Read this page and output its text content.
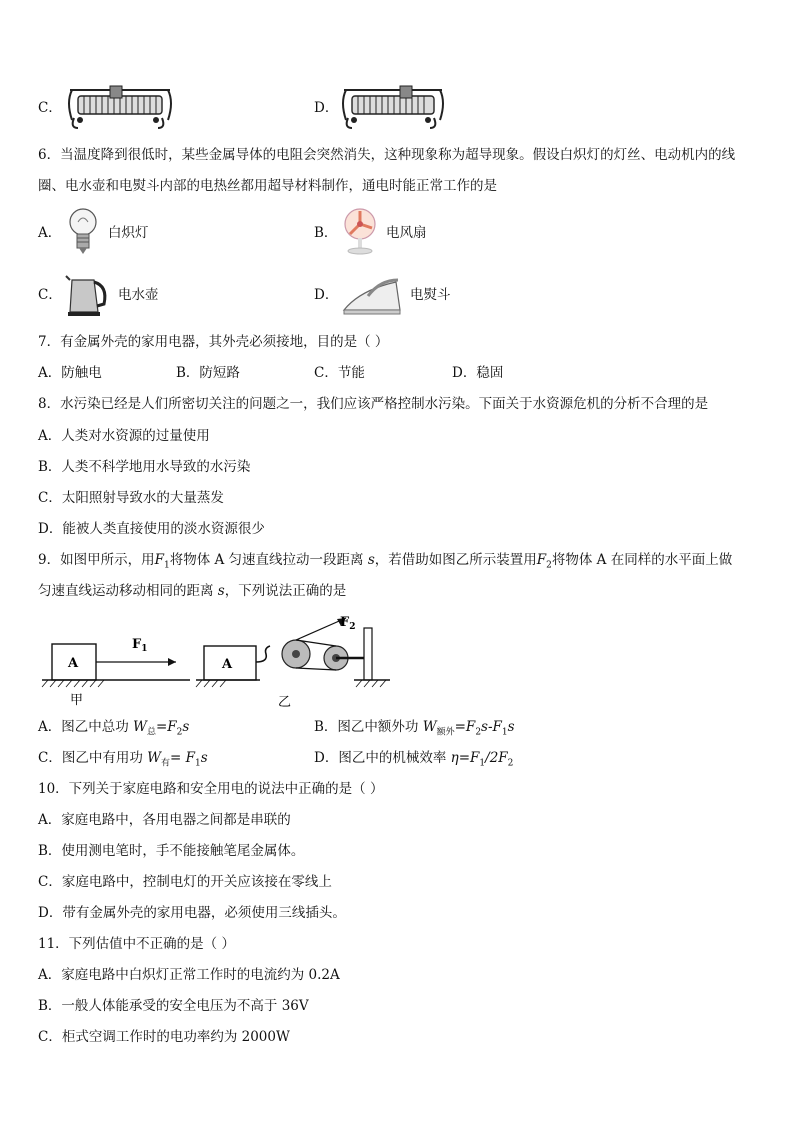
C．	D．
6．当温度降到很低时，某些金属导体的电阻会突然消失，这种现象称为超导现象。假设白炽灯的灯丝、电动机内的线
圈、电水壶和电熨斗内部的电热丝都用超导材料制作，通电时能正常工作的是
A．	白炽灯	B．	电风扇
C．	电水壶	D．	电熨斗
7．有金属外壳的家用电器，其外壳必须接地，目的是（ ）
A．防触电	B．防短路	C．节能	D．稳固
8．水污染已经是人们所密切关注的问题之一，我们应该严格控制水污染。下面关于水资源危机的分析不合理的是
A．人类对水资源的过量使用
B．人类不科学地用水导致的水污染
C．太阳照射导致水的大量蒸发
D．能被人类直接使用的淡水资源很少
9．如图甲所示，用$F_1$将物体 A 匀速直线拉动一段距离 s，若借助如图乙所示装置用$F_2$将物体 A 在同样的水平面上做
匀速直线运动移动相同的距离 s，下列说法正确的是
A
$F_1$
甲
A
$F_2$
乙
A．图乙中总功 $W_总=F_2s$	B．图乙中额外功 $W_{额外}=F_2s-F_1s$
C．图乙中有用功 $W_有= F_1s$	D．图乙中的机械效率 $\eta=F_1/2F_2$
10．下列关于家庭电路和安全用电的说法中正确的是（ ）
A．家庭电路中，各用电器之间都是串联的
B．使用测电笔时，手不能接触笔尾金属体。
C．家庭电路中，控制电灯的开关应该接在零线上
D．带有金属外壳的家用电器，必须使用三线插头。
11．下列估值中不正确的是（ ）
A．家庭电路中白炽灯正常工作时的电流约为 0.2A
B．一般人体能承受的安全电压为不高于 36V
C．柜式空调工作时的电功率约为 2000W
